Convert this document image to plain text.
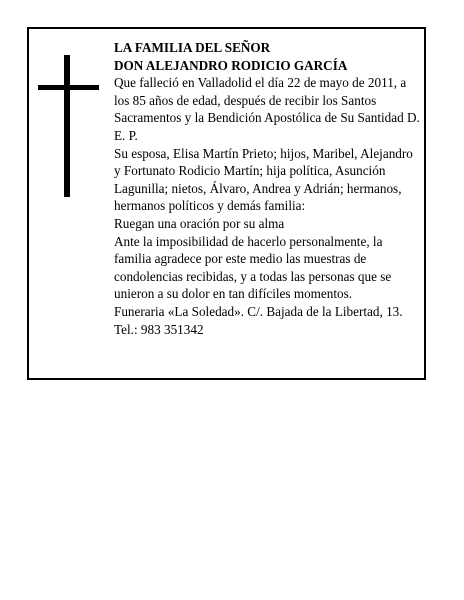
LA FAMILIA DEL SEÑOR

DON ALEJANDRO RODICIO GARCÍA

Que falleció en Valladolid el día 22 de mayo de 2011, a los 85 años de edad, después de recibir los Santos Sacramentos y la Bendición Apostólica de Su Santidad D. E. P.

Su esposa, Elisa Martín Prieto; hijos, Maribel, Alejandro y Fortunato Rodicio Martín; hija política, Asunción Lagunilla; nietos, Álvaro, Andrea y Adrián; hermanos, hermanos políticos y demás familia:

Ruegan una oración por su alma

Ante la imposibilidad de hacerlo personalmente, la familia agradece por este medio las muestras de condolencias recibidas, y a todas las personas que se unieron a su dolor en tan difíciles momentos.

Funeraria «La Soledad». C/. Bajada de la Libertad, 13. Tel.: 983 351342
